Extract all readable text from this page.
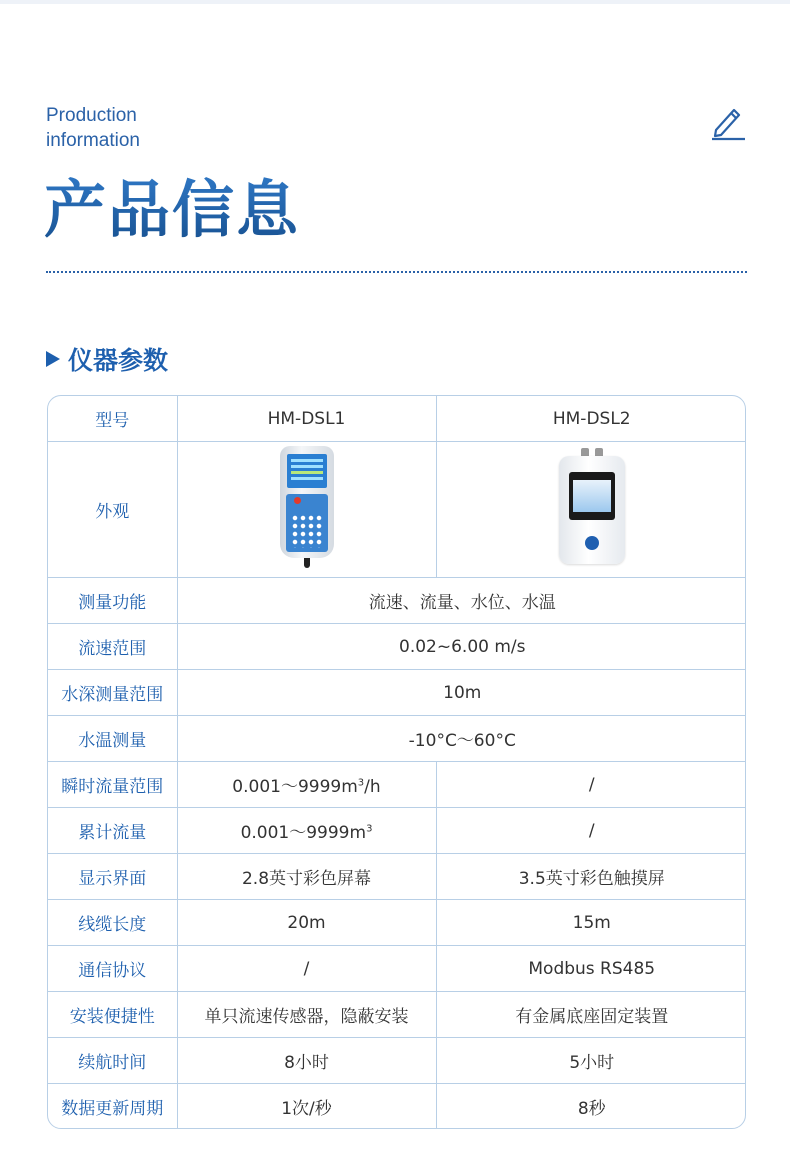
Production
information
产品信息
仪器参数
型号	HM-DSL1	HM-DSL2
外观	

测量功能	流速、流量、水位、水温	
流速范围	0.02~6.00 m/s	
水深测量范围	10m	
水温测量	-10°C～60°C	
瞬时流量范围	$0.001\sim 9999m^3/h$	/
累计流量	$0.001\sim 9999m^3$	/
显示界面	2.8英寸彩色屏幕	3.5英寸彩色触摸屏
线缆长度	20m	15m
通信协议	/	Modbus RS485
安装便捷性	单只流速传感器，隐蔽安装	有金属底座固定装置
续航时间	8小时	5小时
数据更新周期	1次/秒	8秒
